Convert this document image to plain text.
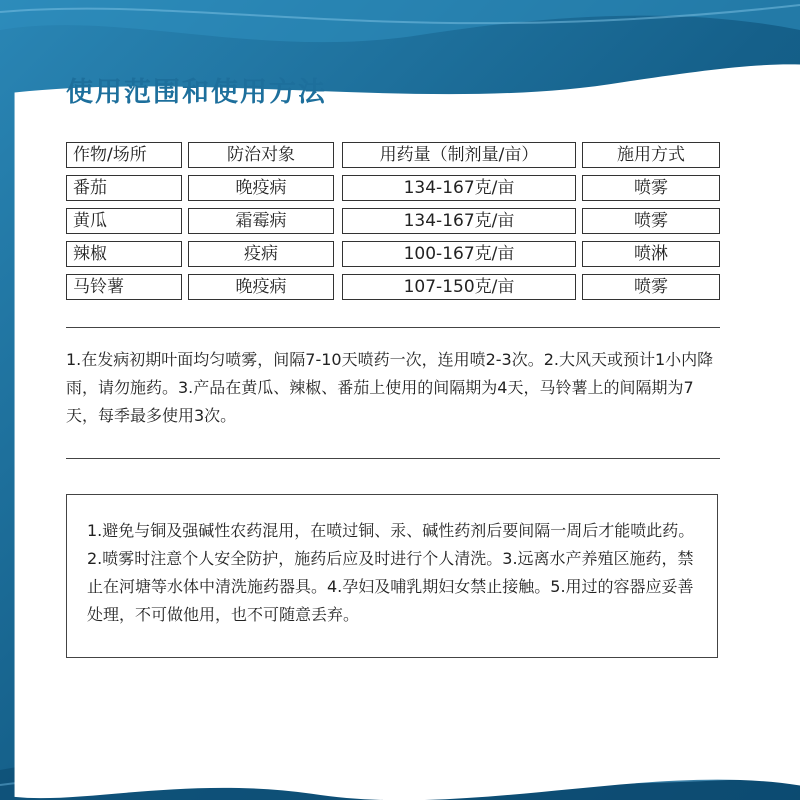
使用范围和使用方法
作物/场所	防治对象	用药量（制剂量/亩）	施用方式
番茄	晚疫病	134-167克/亩	喷雾
黄瓜	霜霉病	134-167克/亩	喷雾
辣椒	疫病	100-167克/亩	喷淋
马铃薯	晚疫病	107-150克/亩	喷雾

1.在发病初期叶面均匀喷雾，间隔7-10天喷药一次，连用喷2-3次。2.大风天或预计1小内降雨，请勿施药。3.产品在黄瓜、辣椒、番茄上使用的间隔期为4天，马铃薯上的间隔期为7天，每季最多使用3次。

1.避免与铜及强碱性农药混用，在喷过铜、汞、碱性药剂后要间隔一周后才能喷此药。2.喷雾时注意个人安全防护，施药后应及时进行个人清洗。3.远离水产养殖区施药，禁止在河塘等水体中清洗施药器具。4.孕妇及哺乳期妇女禁止接触。5.用过的容器应妥善处理，不可做他用，也不可随意丢弃。
